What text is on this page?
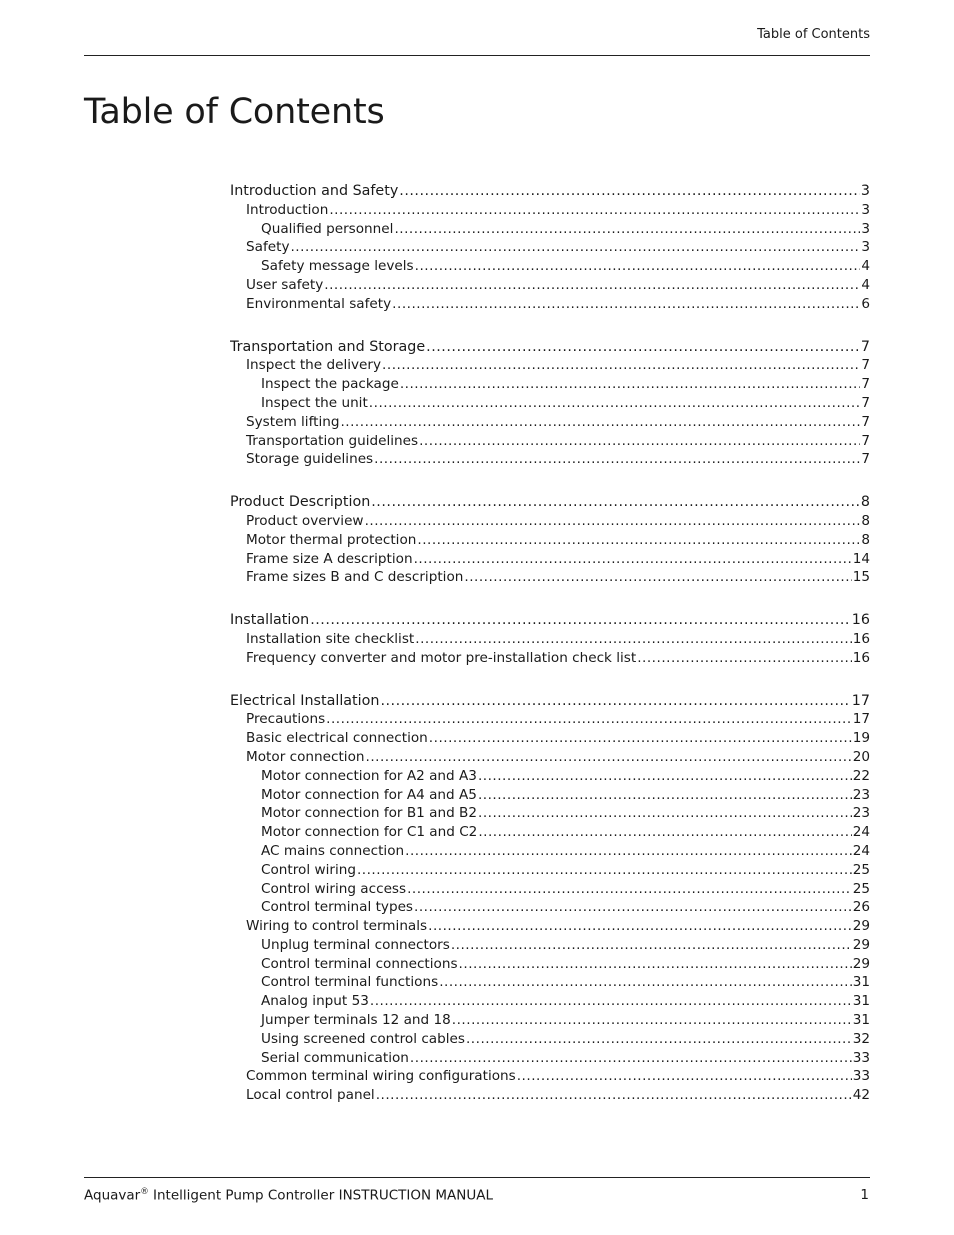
Table of Contents
Table of Contents
Introduction and Safety .....	3
Introduction .....	3
Qualified personnel .....	3
Safety .....	3
Safety message levels .....	4
User safety .....	4
Environmental safety .....	6
Transportation and Storage .....	7
Inspect the delivery .....	7
Inspect the package .....	7
Inspect the unit .....	7
System lifting .....	7
Transportation guidelines .....	7
Storage guidelines .....	7
Product Description .....	8
Product overview .....	8
Motor thermal protection .....	8
Frame size A description .....	14
Frame sizes B and C description .....	15
Installation .....	16
Installation site checklist .....	16
Frequency converter and motor pre-installation check list .....	16
Electrical Installation .....	17
Precautions .....	17
Basic electrical connection .....	19
Motor connection .....	20
Motor connection for A2 and A3 .....	22
Motor connection for A4 and A5 .....	23
Motor connection for B1 and B2 .....	23
Motor connection for C1 and C2 .....	24
AC mains connection .....	24
Control wiring .....	25
Control wiring access .....	25
Control terminal types .....	26
Wiring to control terminals .....	29
Unplug terminal connectors .....	29
Control terminal connections .....	29
Control terminal functions .....	31
Analog input 53 .....	31
Jumper terminals 12 and 18 .....	31
Using screened control cables .....	32
Serial communication .....	33
Common terminal wiring configurations .....	33
Local control panel .....	42
Aquavar® Intelligent Pump Controller INSTRUCTION MANUAL	1
